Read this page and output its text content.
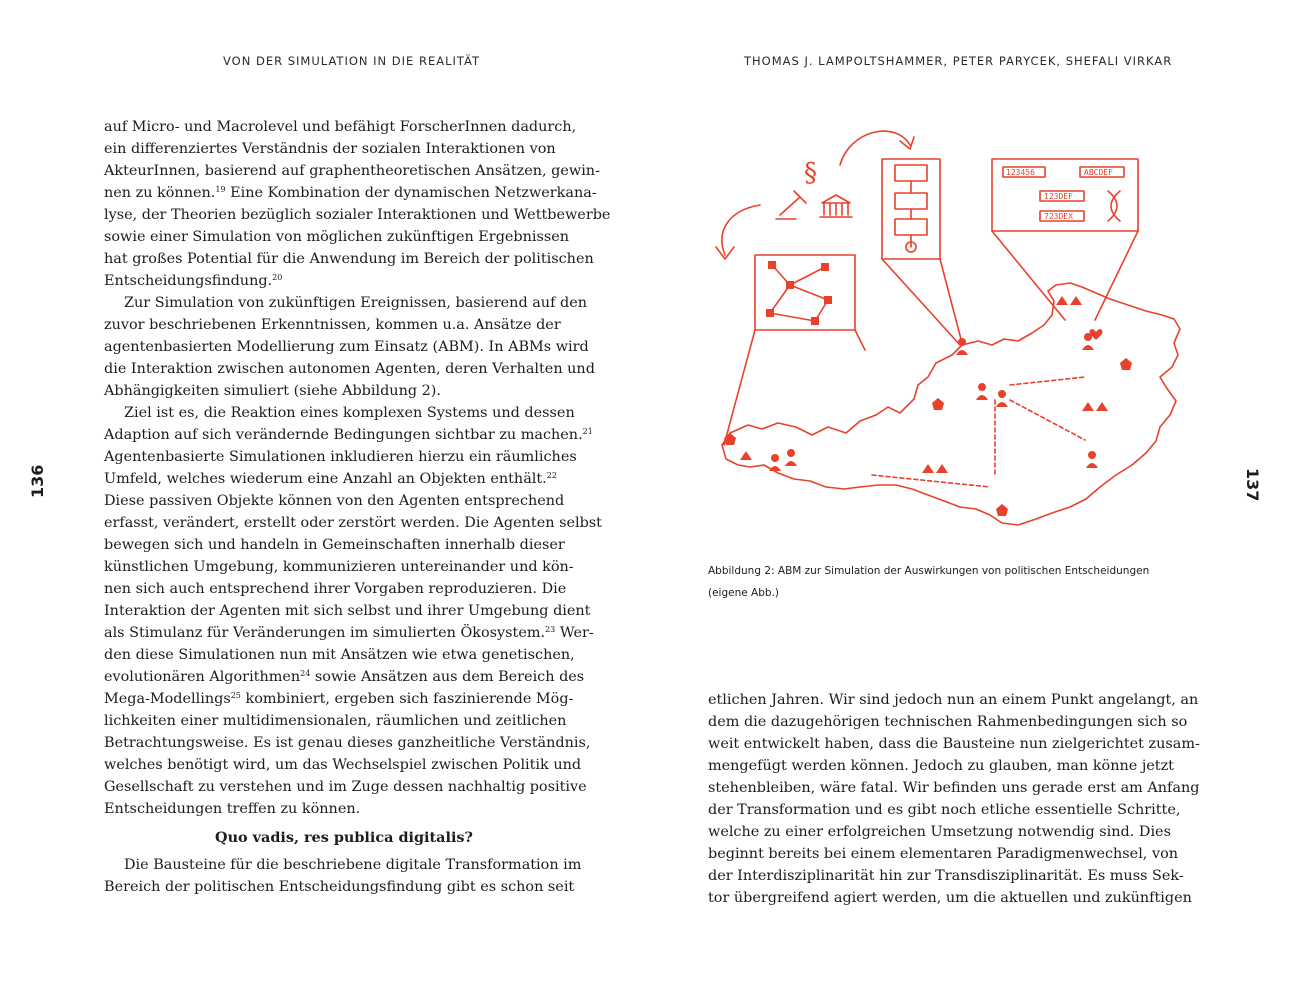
VON DER SIMULATION IN DIE REALITÄT	THOMAS J. LAMPOLTSHAMMER, PETER PARYCEK, SHEFALI VIRKAR
136	137
auf Micro- und Macrolevel und befähigt ForscherInnen dadurch,
ein differenziertes Verständnis der sozialen Interaktionen von
AkteurInnen, basierend auf graphentheoretischen Ansätzen, gewin-
nen zu können.$^{19}$ Eine Kombination der dynamischen Netzwerkana-
lyse, der Theorien bezüglich sozialer Interaktionen und Wettbewerbe
sowie einer Simulation von möglichen zukünftigen Ergebnissen
hat großes Potential für die Anwendung im Bereich der politischen
Entscheidungsfindung.$^{20}$
Zur Simulation von zukünftigen Ereignissen, basierend auf den
zuvor beschriebenen Erkenntnissen, kommen u.a. Ansätze der
agentenbasierten Modellierung zum Einsatz (ABM). In ABMs wird
die Interaktion zwischen autonomen Agenten, deren Verhalten und
Abhängigkeiten simuliert (siehe Abbildung 2).
Ziel ist es, die Reaktion eines komplexen Systems und dessen
Adaption auf sich verändernde Bedingungen sichtbar zu machen.$^{21}$
Agentenbasierte Simulationen inkludieren hierzu ein räumliches
Umfeld, welches wiederum eine Anzahl an Objekten enthält.$^{22}$
Diese passiven Objekte können von den Agenten entsprechend
erfasst, verändert, erstellt oder zerstört werden. Die Agenten selbst
bewegen sich und handeln in Gemeinschaften innerhalb dieser
künstlichen Umgebung, kommunizieren untereinander und kön-
nen sich auch entsprechend ihrer Vorgaben reproduzieren. Die
Interaktion der Agenten mit sich selbst und ihrer Umgebung dient
als Stimulanz für Veränderungen im simulierten Ökosystem.$^{23}$ Wer-
den diese Simulationen nun mit Ansätzen wie etwa genetischen,
evolutionären Algorithmen$^{24}$ sowie Ansätzen aus dem Bereich des
Mega-Modellings$^{25}$ kombiniert, ergeben sich faszinierende Mög-
lichkeiten einer multidimensionalen, räumlichen und zeitlichen
Betrachtungsweise. Es ist genau dieses ganzheitliche Verständnis,
welches benötigt wird, um das Wechselspiel zwischen Politik und
Gesellschaft zu verstehen und im Zuge dessen nachhaltig positive
Entscheidungen treffen zu können.
Quo vadis, res publica digitalis?
Die Bausteine für die beschriebene digitale Transformation im
Bereich der politischen Entscheidungsfindung gibt es schon seit
§	123456	ABCDEF
123DEF
723DEX
Abbildung 2: ABM zur Simulation der Auswirkungen von politischen Entscheidungen
(eigene Abb.)
etlichen Jahren. Wir sind jedoch nun an einem Punkt angelangt, an
dem die dazugehörigen technischen Rahmenbedingungen sich so
weit entwickelt haben, dass die Bausteine nun zielgerichtet zusam-
mengefügt werden können. Jedoch zu glauben, man könne jetzt
stehenbleiben, wäre fatal. Wir befinden uns gerade erst am Anfang
der Transformation und es gibt noch etliche essentielle Schritte,
welche zu einer erfolgreichen Umsetzung notwendig sind. Dies
beginnt bereits bei einem elementaren Paradigmenwechsel, von
der Interdisziplinarität hin zur Transdisziplinarität. Es muss Sek-
tor übergreifend agiert werden, um die aktuellen und zukünftigen
